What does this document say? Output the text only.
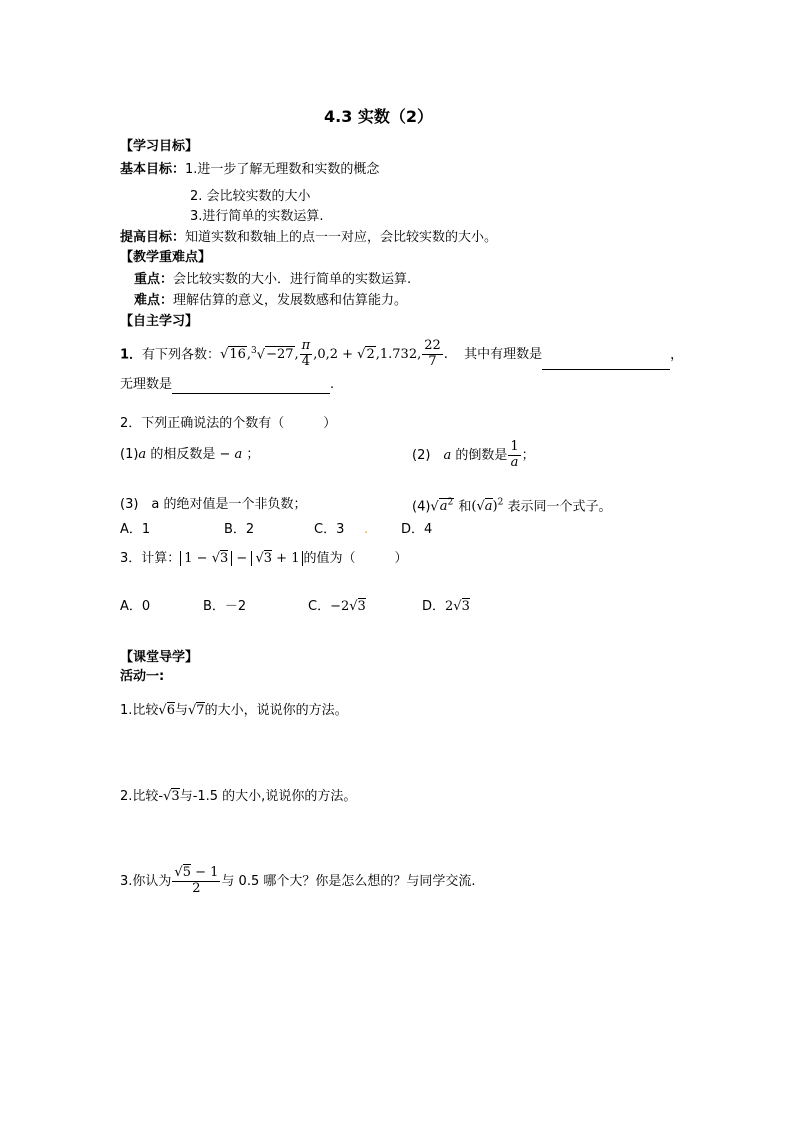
4.3 实数（2）
【学习目标】
基本目标：1.进一步了解无理数和实数的概念
2. 会比较实数的大小
3.进行简单的实数运算.
提高目标：知道实数和数轴上的点一一对应，会比较实数的大小。
【教学重难点】
重点：会比较实数的大小．进行简单的实数运算.
难点：理解估算的意义，发展数感和估算能力。
【自主学习】
1．有下列各数：√16,$^3$√−27, $\frac{\pi}{4} ,0,2 + √2,1.732$, $\frac{22}{7}$ . 其中有理数是	，
无理数是	.
2．下列正确说法的个数有（　　　）
(1)a 的相反数是 − a ；	(2)　 a 的倒数是 $\frac{1}{a}$ ；
(3)　a 的绝对值是一个非负数；	$(4)√a^2$ 和$(√a)^2$ 表示同一个式子。
A．1	B．2	C．3 .	D．4
3．计算： 1 − √3 − √3 + 1 的值为（　　　）
A．0	B．－2	C．−2√3	D．2√3
【课堂导学】
活动一:
1.比较√6与√7的大小，说说你的方法。
2.比较-√3与-1.5 的大小,说说你的方法。
3.你认为 $\frac{√5 - 1}{2}$ 与 0.5 哪个大？你是怎么想的？与同学交流.
